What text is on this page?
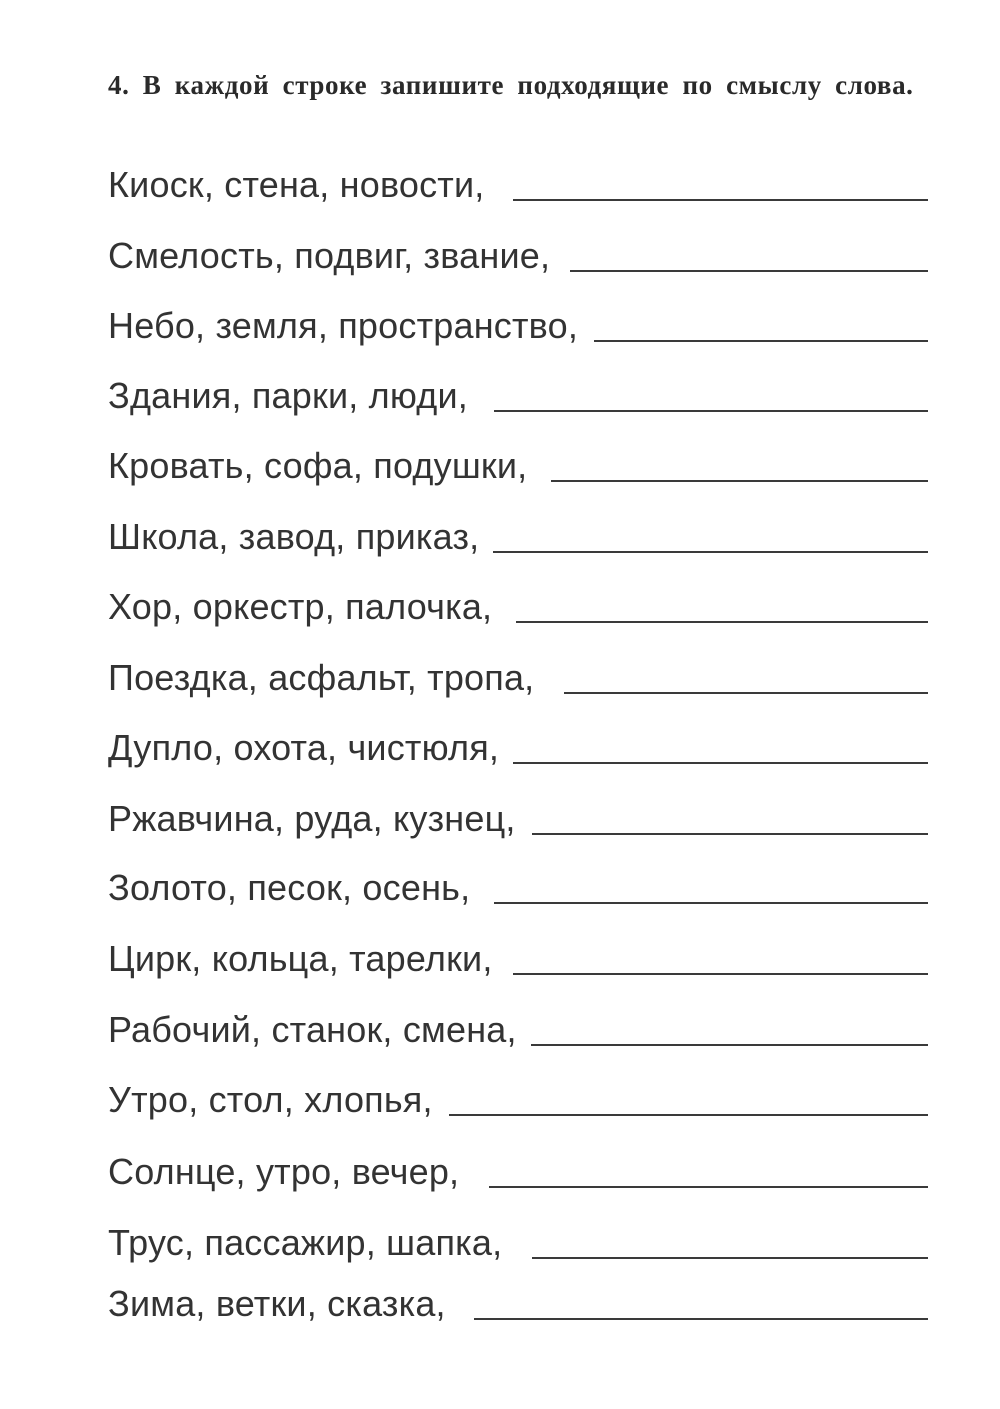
4. В каждой строке запишите подходящие по смыслу слова.
Киоск, стена, новости,
Смелость, подвиг, звание,
Небо, земля, пространство,
Здания, парки, люди,
Кровать, софа, подушки,
Школа, завод, приказ,
Хор, оркестр, палочка,
Поездка, асфальт, тропа,
Дупло, охота, чистюля,
Ржавчина, руда, кузнец,
Золото, песок, осень,
Цирк, кольца, тарелки,
Рабочий, станок, смена,
Утро, стол, хлопья,
Солнце, утро, вечер,
Трус, пассажир, шапка,
Зима, ветки, сказка,
